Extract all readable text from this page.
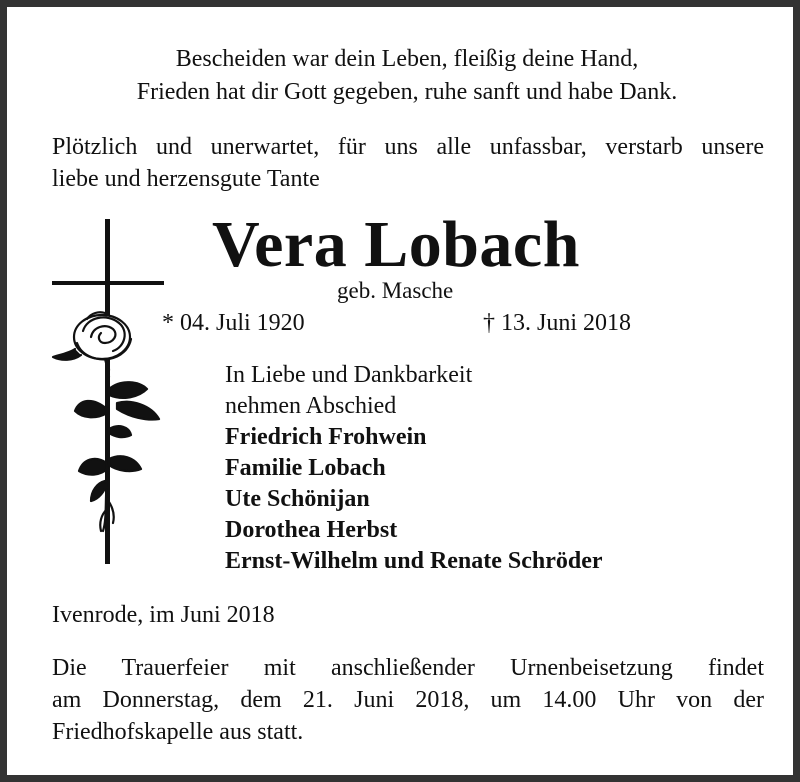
Bescheiden war dein Leben, fleißig deine Hand,
Frieden hat dir Gott gegeben, ruhe sanft und habe Dank.
Plötzlich und unerwartet, für uns alle unfassbar, verstarb unsere
liebe und herzensgute Tante
Vera Lobach
geb. Masche
* 04. Juli 1920	† 13. Juni 2018
In Liebe und Dankbarkeit
nehmen Abschied
Friedrich Frohwein
Familie Lobach
Ute Schönijan
Dorothea Herbst
Ernst-Wilhelm und Renate Schröder
Ivenrode, im Juni 2018
Die Trauerfeier mit anschließender Urnenbeisetzung findet
am Donnerstag, dem 21. Juni 2018, um 14.00 Uhr von der
Friedhofskapelle aus statt.
